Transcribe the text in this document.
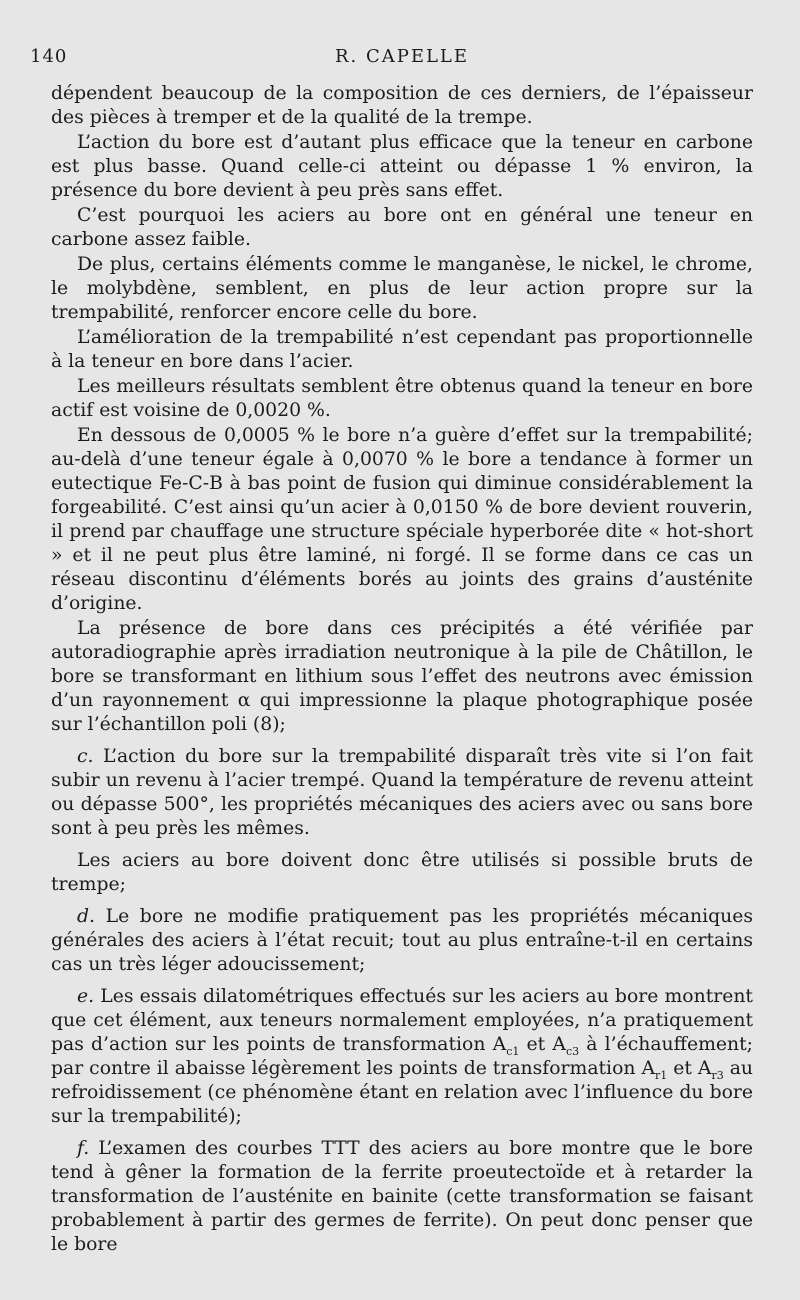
140	R. CAPELLE

dépendent beaucoup de la composition de ces derniers, de l’épaisseur des pièces à tremper et de la qualité de la trempe.

L’action du bore est d’autant plus efficace que la teneur en carbone est plus basse. Quand celle-ci atteint ou dépasse 1 % environ, la présence du bore devient à peu près sans effet.

C’est pourquoi les aciers au bore ont en général une teneur en carbone assez faible.

De plus, certains éléments comme le manganèse, le nickel, le chrome, le molybdène, semblent, en plus de leur action propre sur la trempabilité, renforcer encore celle du bore.

L’amélioration de la trempabilité n’est cependant pas proportionnelle à la teneur en bore dans l’acier.

Les meilleurs résultats semblent être obtenus quand la teneur en bore actif est voisine de 0,0020 %.

En dessous de 0,0005 % le bore n’a guère d’effet sur la trempabilité; au-delà d’une teneur égale à 0,0070 % le bore a tendance à former un eutectique Fe-C-B à bas point de fusion qui diminue considérablement la forgeabilité. C’est ainsi qu’un acier à 0,0150 % de bore devient rouverin, il prend par chauffage une structure spéciale hyperborée dite « hot-short » et il ne peut plus être laminé, ni forgé. Il se forme dans ce cas un réseau discontinu d’éléments borés au joints des grains d’austénite d’origine.

La présence de bore dans ces précipités a été vérifiée par autoradiographie après irradiation neutronique à la pile de Châtillon, le bore se transformant en lithium sous l’effet des neutrons avec émission d’un rayonnement α qui impressionne la plaque photographique posée sur l’échantillon poli (8);

c. L’action du bore sur la trempabilité disparaît très vite si l’on fait subir un revenu à l’acier trempé. Quand la température de revenu atteint ou dépasse 500°, les propriétés mécaniques des aciers avec ou sans bore sont à peu près les mêmes.

Les aciers au bore doivent donc être utilisés si possible bruts de trempe;

d. Le bore ne modifie pratiquement pas les propriétés mécaniques générales des aciers à l’état recuit; tout au plus entraîne-t-il en certains cas un très léger adoucissement;

e. Les essais dilatométriques effectués sur les aciers au bore montrent que cet élément, aux teneurs normalement employées, n’a pratiquement pas d’action sur les points de transformation $A_{c1}$ et $A_{c3}$ à l’échauffement; par contre il abaisse légèrement les points de transformation $A_{r1}$ et $A_{r3}$ au refroidissement (ce phénomène étant en relation avec l’influence du bore sur la trempabilité);

f. L’examen des courbes TTT des aciers au bore montre que le bore tend à gêner la formation de la ferrite proeutectoïde et à retarder la transformation de l’austénite en bainite (cette transformation se faisant probablement à partir des germes de ferrite). On peut donc penser que le bore
